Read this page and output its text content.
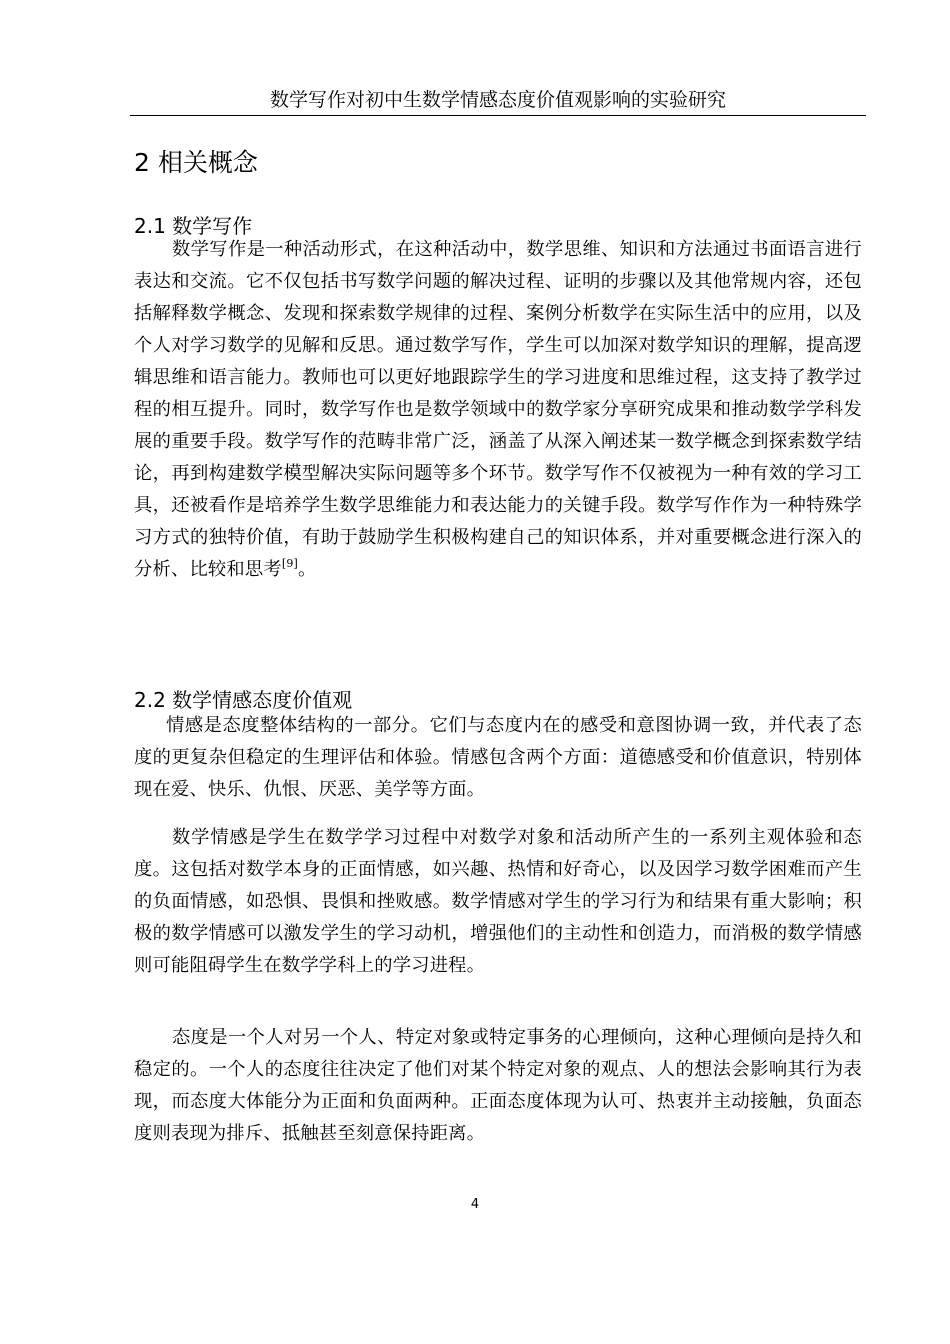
数学写作对初中生数学情感态度价值观影响的实验研究
2 相关概念
2.1 数学写作

数学写作是一种活动形式，在这种活动中，数学思维、知识和方法通过书面语言进行表达和交流。它不仅包括书写数学问题的解决过程、证明的步骤以及其他常规内容，还包括解释数学概念、发现和探索数学规律的过程、案例分析数学在实际生活中的应用，以及个人对学习数学的见解和反思。通过数学写作，学生可以加深对数学知识的理解，提高逻辑思维和语言能力。教师也可以更好地跟踪学生的学习进度和思维过程，这支持了教学过程的相互提升。同时，数学写作也是数学领域中的数学家分享研究成果和推动数学学科发展的重要手段。数学写作的范畴非常广泛，涵盖了从深入阐述某一数学概念到探索数学结论，再到构建数学模型解决实际问题等多个环节。数学写作不仅被视为一种有效的学习工具，还被看作是培养学生数学思维能力和表达能力的关键手段。数学写作作为一种特殊学习方式的独特价值，有助于鼓励学生积极构建自己的知识体系，并对重要概念进行深入的分析、比较和思考[9]。

2.2 数学情感态度价值观

情感是态度整体结构的一部分。它们与态度内在的感受和意图协调一致，并代表了态度的更复杂但稳定的生理评估和体验。情感包含两个方面：道德感受和价值意识，特别体现在爱、快乐、仇恨、厌恶、美学等方面。

数学情感是学生在数学学习过程中对数学对象和活动所产生的一系列主观体验和态度。这包括对数学本身的正面情感，如兴趣、热情和好奇心，以及因学习数学困难而产生的负面情感，如恐惧、畏惧和挫败感。数学情感对学生的学习行为和结果有重大影响；积极的数学情感可以激发学生的学习动机，增强他们的主动性和创造力，而消极的数学情感则可能阻碍学生在数学学科上的学习进程。

态度是一个人对另一个人、特定对象或特定事务的心理倾向，这种心理倾向是持久和稳定的。一个人的态度往往决定了他们对某个特定对象的观点、人的想法会影响其行为表现，而态度大体能分为正面和负面两种。正面态度体现为认可、热衷并主动接触，负面态度则表现为排斥、抵触甚至刻意保持距离。

4
